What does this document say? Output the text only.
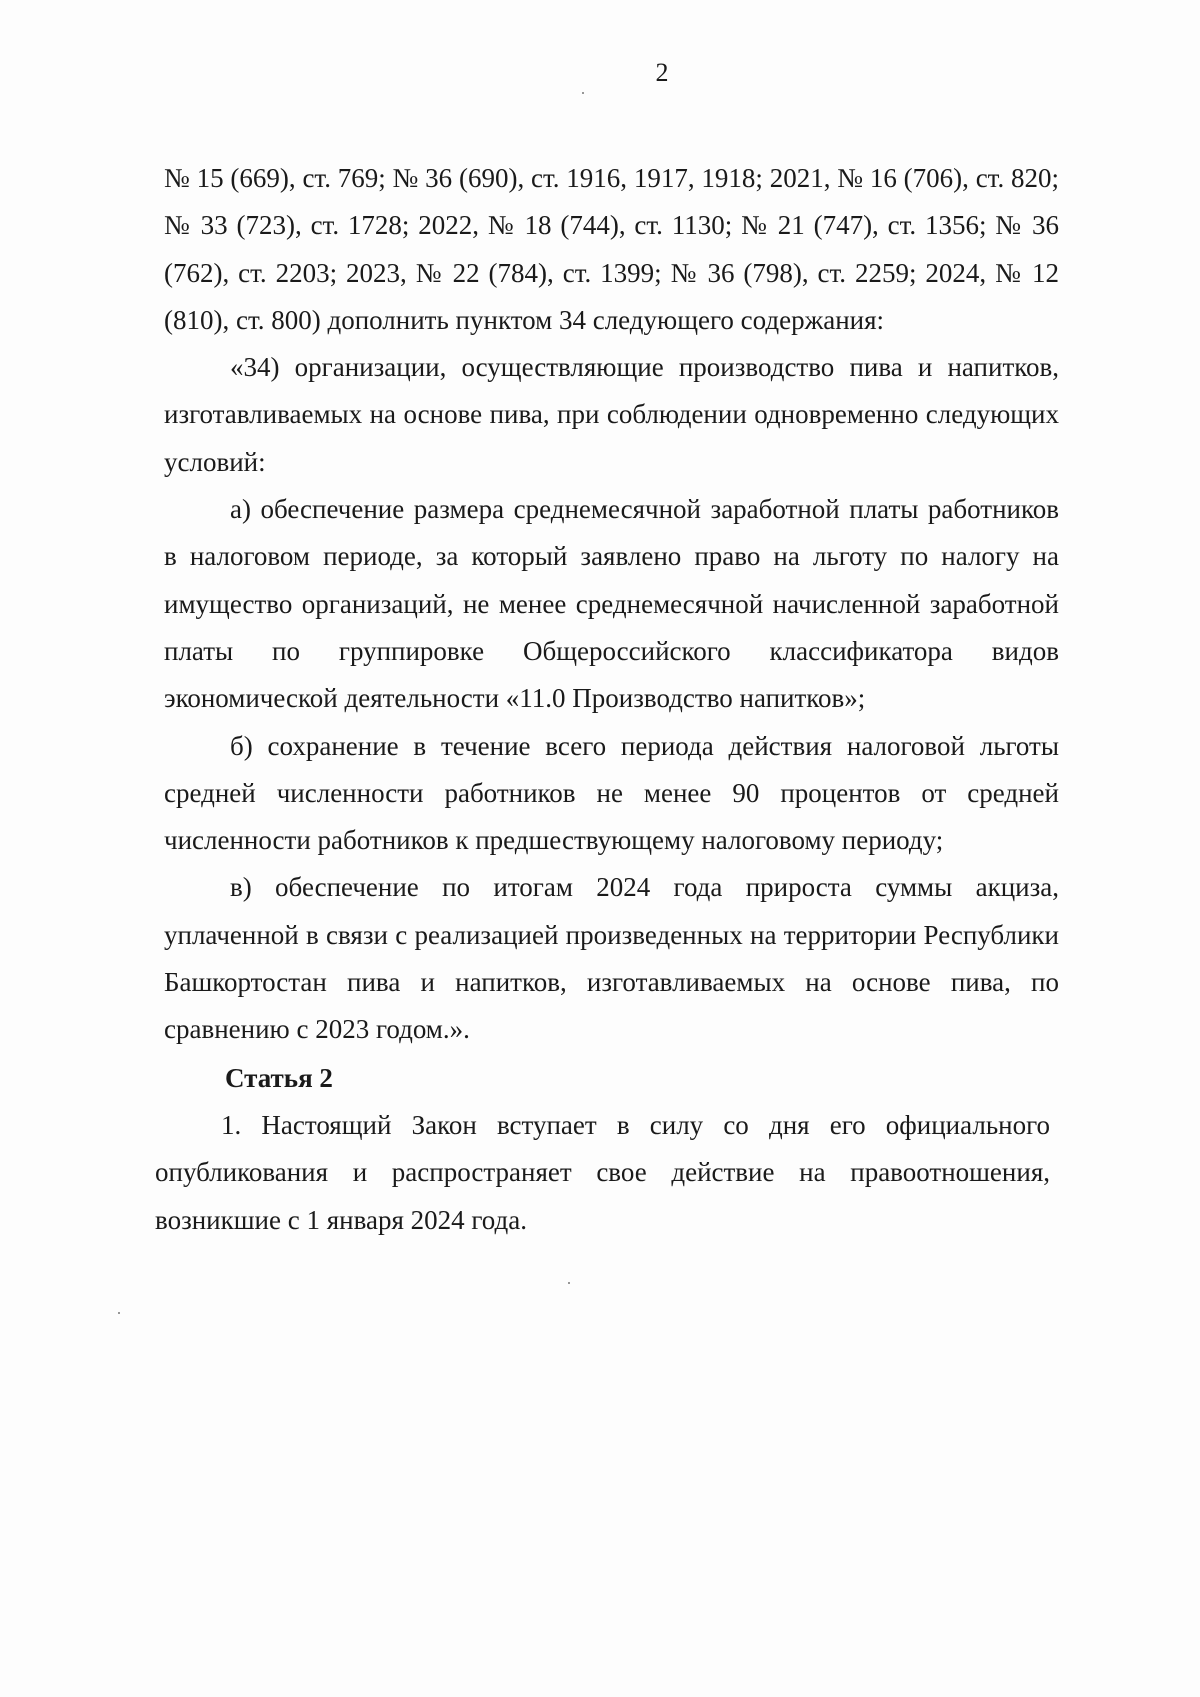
2

№ 15 (669), ст. 769; № 36 (690), ст. 1916, 1917, 1918; 2021, № 16 (706), ст. 820; № 33 (723), ст. 1728; 2022, № 18 (744), ст. 1130; № 21 (747), ст. 1356; № 36 (762), ст. 2203; 2023, № 22 (784), ст. 1399; № 36 (798), ст. 2259; 2024, № 12 (810), ст. 800) дополнить пунктом 34 следующего содержания:

«34) организации, осуществляющие производство пива и напитков, изготавливаемых на основе пива, при соблюдении одновременно следующих условий:

а) обеспечение размера среднемесячной заработной платы работников в налоговом периоде, за который заявлено право на льготу по налогу на имущество организаций, не менее среднемесячной начисленной заработной платы по группировке Общероссийского классификатора видов экономической деятельности «11.0 Производство напитков»;

б) сохранение в течение всего периода действия налоговой льготы средней численности работников не менее 90 процентов от средней численности работников к предшествующему налоговому периоду;

в) обеспечение по итогам 2024 года прироста суммы акциза, уплаченной в связи с реализацией произведенных на территории Республики Башкортостан пива и напитков, изготавливаемых на основе пива, по сравнению с 2023 годом.».

Статья 2

1. Настоящий Закон вступает в силу со дня его официального опубликования и распространяет свое действие на правоотношения, возникшие с 1 января 2024 года.
